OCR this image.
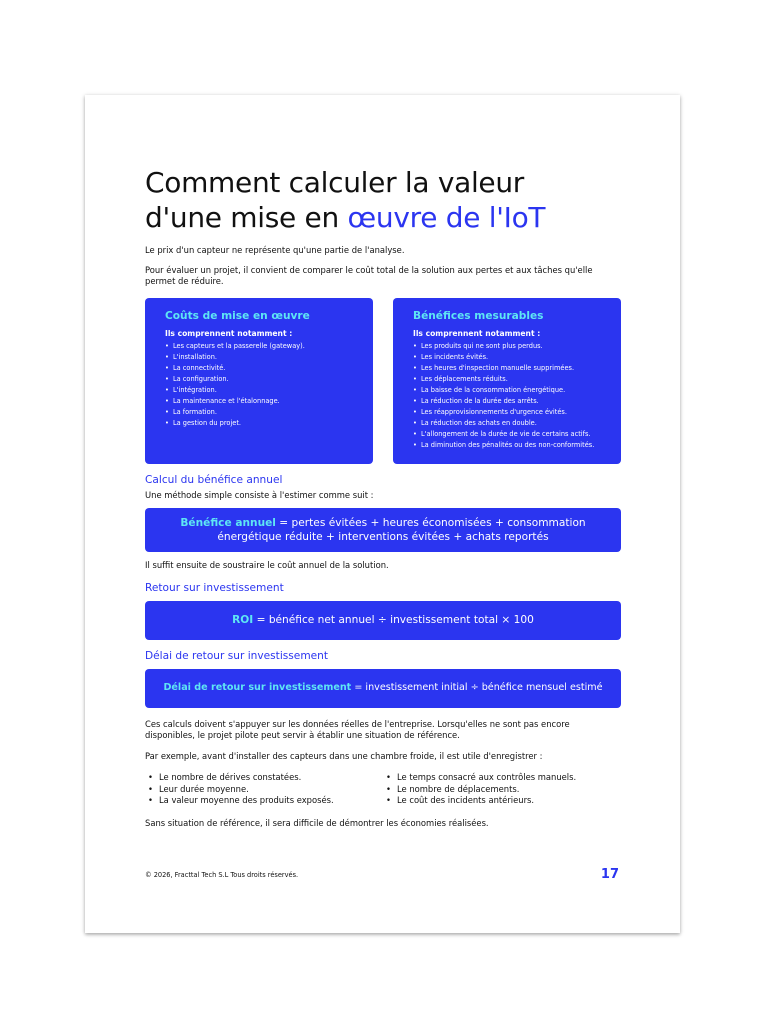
Comment calculer la valeur
d'une mise en œuvre de l'IoT

Le prix d'un capteur ne représente qu'une partie de l'analyse.

Pour évaluer un projet, il convient de comparer le coût total de la solution aux pertes et aux tâches qu'elle permet de réduire.

Coûts de mise en œuvre

Ils comprennent notamment :

• Les capteurs et la passerelle (gateway).
• L'installation.
• La connectivité.
• La configuration.
• L'intégration.
• La maintenance et l'étalonnage.
• La formation.
• La gestion du projet.

Bénéfices mesurables

Ils comprennent notamment :

• Les produits qui ne sont plus perdus.
• Les incidents évités.
• Les heures d'inspection manuelle supprimées.
• Les déplacements réduits.
• La baisse de la consommation énergétique.
• La réduction de la durée des arrêts.
• Les réapprovisionnements d'urgence évités.
• La réduction des achats en double.
• L'allongement de la durée de vie de certains actifs.
• La diminution des pénalités ou des non-conformités.
Calcul du bénéfice annuel

Une méthode simple consiste à l'estimer comme suit :

Bénéfice annuel = pertes évitées + heures économisées + consommation
énergétique réduite + interventions évitées + achats reportés

Il suffit ensuite de soustraire le coût annuel de la solution.

Retour sur investissement
ROI = bénéfice net annuel ÷ investissement total × 100
Délai de retour sur investissement
Délai de retour sur investissement = investissement initial ÷ bénéfice mensuel estimé

Ces calculs doivent s'appuyer sur les données réelles de l'entreprise. Lorsqu'elles ne sont pas encore disponibles, le projet pilote peut servir à établir une situation de référence.

Par exemple, avant d'installer des capteurs dans une chambre froide, il est utile d'enregistrer :

• Le nombre de dérives constatées.
• Leur durée moyenne.
• La valeur moyenne des produits exposés.
• Le temps consacré aux contrôles manuels.
• Le nombre de déplacements.
• Le coût des incidents antérieurs.

Sans situation de référence, il sera difficile de démontrer les économies réalisées.

© 2026, Fracttal Tech S.L Tous droits réservés.	17
